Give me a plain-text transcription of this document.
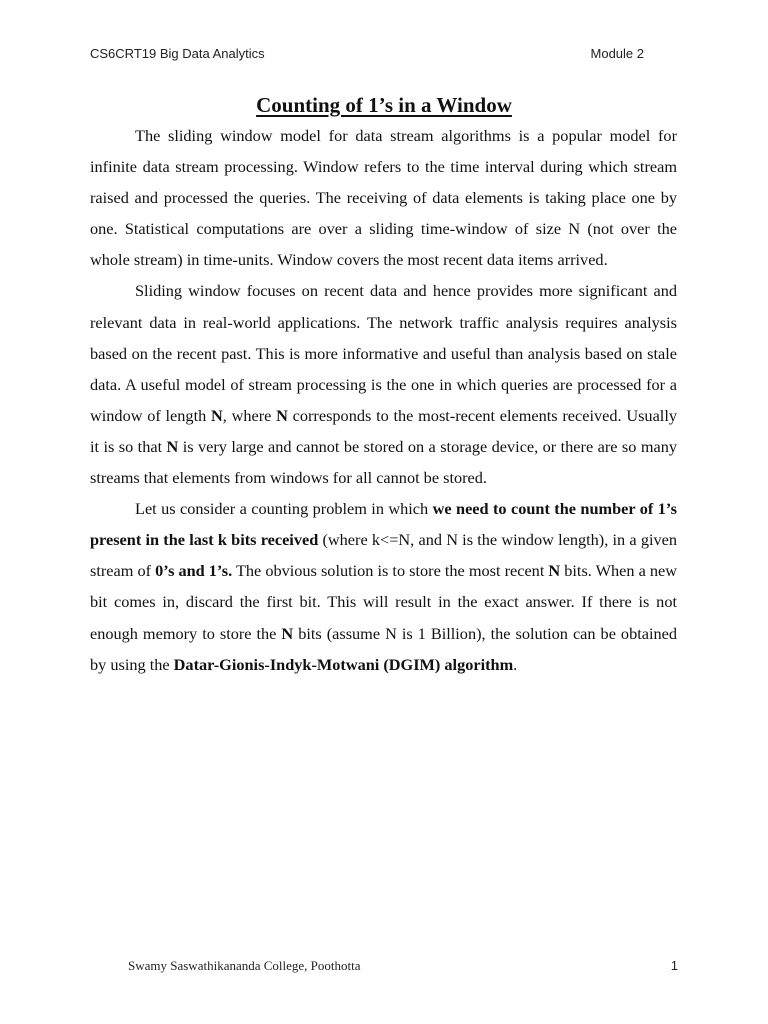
CS6CRT19 Big Data Analytics	Module 2
Counting of 1’s in a Window

The sliding window model for data stream algorithms is a popular model for infinite data stream processing. Window refers to the time interval during which stream raised and processed the queries. The receiving of data elements is taking place one by one. Statistical computations are over a sliding time-window of size N (not over the whole stream) in time-units. Window covers the most recent data items arrived.

Sliding window focuses on recent data and hence provides more significant and relevant data in real-world applications. The network traffic analysis requires analysis based on the recent past. This is more informative and useful than analysis based on stale data. A useful model of stream processing is the one in which queries are processed for a window of length N, where N corresponds to the most-recent elements received. Usually it is so that N is very large and cannot be stored on a storage device, or there are so many streams that elements from windows for all cannot be stored.

Let us consider a counting problem in which we need to count the number of 1’s present in the last k bits received (where k<=N, and N is the window length), in a given stream of 0’s and 1’s. The obvious solution is to store the most recent N bits. When a new bit comes in, discard the first bit. This will result in the exact answer. If there is not enough memory to store the N bits (assume N is 1 Billion), the solution can be obtained by using the Datar-Gionis-Indyk-Motwani (DGIM) algorithm.

Swamy Saswathikananda College, Poothotta	1
